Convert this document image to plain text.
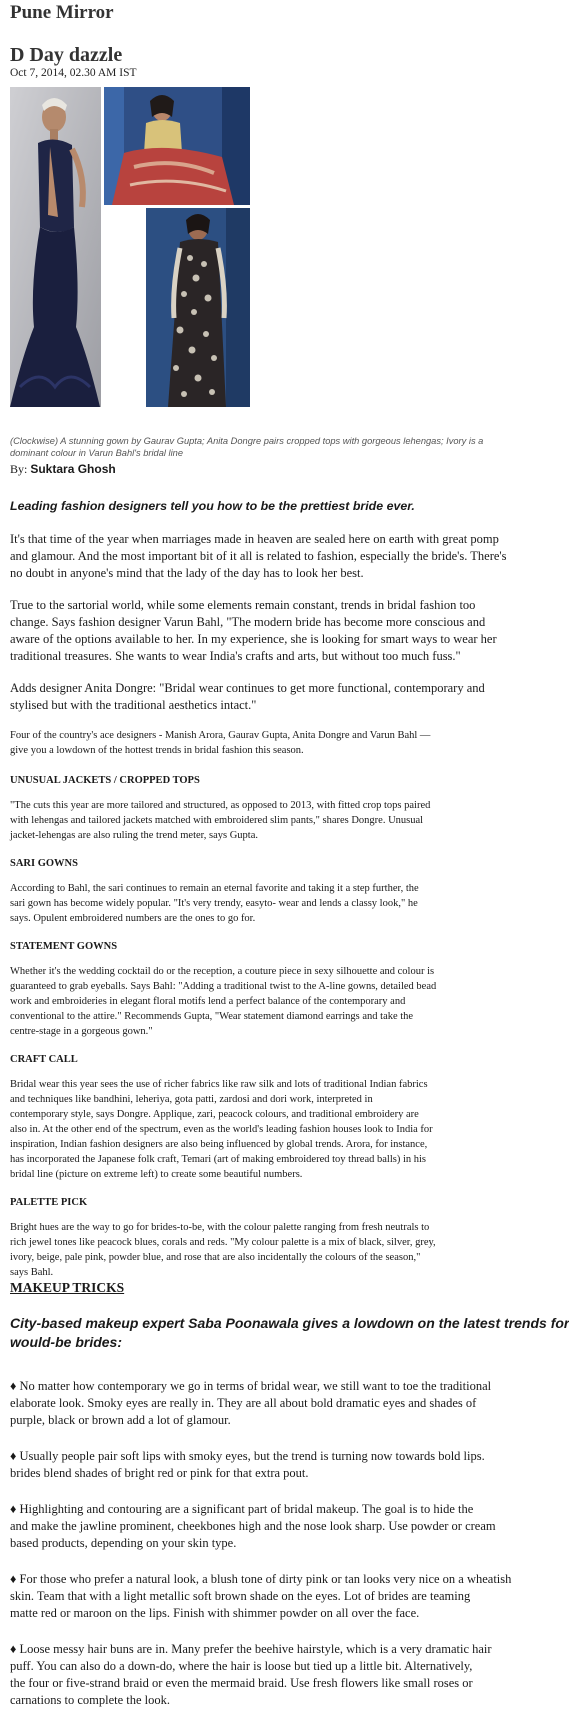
Pune Mirror
D Day dazzle
Oct 7, 2014, 02.30 AM IST
(Clockwise) A stunning gown by Gaurav Gupta; Anita Dongre pairs cropped tops with gorgeous lehengas; Ivory is a
dominant colour in Varun Bahl's bridal line
By: Suktara Ghosh
Leading fashion designers tell you how to be the prettiest bride ever.
It's that time of the year when marriages made in heaven are sealed here on earth with great pomp
and glamour. And the most important bit of it all is related to fashion, especially the bride's. There's
no doubt in anyone's mind that the lady of the day has to look her best.
True to the sartorial world, while some elements remain constant, trends in bridal fashion too
change. Says fashion designer Varun Bahl, "The modern bride has become more conscious and
aware of the options available to her. In my experience, she is looking for smart ways to wear her
traditional treasures. She wants to wear India's crafts and arts, but without too much fuss."
Adds designer Anita Dongre: "Bridal wear continues to get more functional, contemporary and
stylised but with the traditional aesthetics intact."
Four of the country's ace designers - Manish Arora, Gaurav Gupta, Anita Dongre and Varun Bahl —
give you a lowdown of the hottest trends in bridal fashion this season.
UNUSUAL JACKETS / CROPPED TOPS
"The cuts this year are more tailored and structured, as opposed to 2013, with fitted crop tops paired
with lehengas and tailored jackets matched with embroidered slim pants," shares Dongre. Unusual
jacket-lehengas are also ruling the trend meter, says Gupta.
SARI GOWNS
According to Bahl, the sari continues to remain an eternal favorite and taking it a step further, the
sari gown has become widely popular. "It's very trendy, easyto- wear and lends a classy look," he
says. Opulent embroidered numbers are the ones to go for.
STATEMENT GOWNS
Whether it's the wedding cocktail do or the reception, a couture piece in sexy silhouette and colour is
guaranteed to grab eyeballs. Says Bahl: "Adding a traditional twist to the A-line gowns, detailed bead
work and embroideries in elegant floral motifs lend a perfect balance of the contemporary and
conventional to the attire." Recommends Gupta, "Wear statement diamond earrings and take the
centre-stage in a gorgeous gown."
CRAFT CALL
Bridal wear this year sees the use of richer fabrics like raw silk and lots of traditional Indian fabrics
and techniques like bandhini, leheriya, gota patti, zardosi and dori work, interpreted in
contemporary style, says Dongre. Applique, zari, peacock colours, and traditional embroidery are
also in. At the other end of the spectrum, even as the world's leading fashion houses look to India for
inspiration, Indian fashion designers are also being influenced by global trends. Arora, for instance,
has incorporated the Japanese folk craft, Temari (art of making embroidered toy thread balls) in his
bridal line (picture on extreme left) to create some beautiful numbers.
PALETTE PICK
Bright hues are the way to go for brides-to-be, with the colour palette ranging from fresh neutrals to
rich jewel tones like peacock blues, corals and reds. "My colour palette is a mix of black, silver, grey,
ivory, beige, pale pink, powder blue, and rose that are also incidentally the colours of the season,"
says Bahl.
MAKEUP TRICKS
City-based makeup expert Saba Poonawala gives a lowdown on the latest trends for
would-be brides:
♦ No matter how contemporary we go in terms of bridal wear, we still want to toe the traditional
elaborate look. Smoky eyes are really in. They are all about bold dramatic eyes and shades of
purple, black or brown add a lot of glamour.
♦ Usually people pair soft lips with smoky eyes, but the trend is turning now towards bold lips.
brides blend shades of bright red or pink for that extra pout.
♦ Highlighting and contouring are a significant part of bridal makeup. The goal is to hide the
and make the jawline prominent, cheekbones high and the nose look sharp. Use powder or cream
based products, depending on your skin type.
♦ For those who prefer a natural look, a blush tone of dirty pink or tan looks very nice on a wheatish
skin. Team that with a light metallic soft brown shade on the eyes. Lot of brides are teaming
matte red or maroon on the lips. Finish with shimmer powder on all over the face.
♦ Loose messy hair buns are in. Many prefer the beehive hairstyle, which is a very dramatic hair
puff. You can also do a down-do, where the hair is loose but tied up a little bit. Alternatively,
the four or five-strand braid or even the mermaid braid. Use fresh flowers like small roses or
carnations to complete the look.
